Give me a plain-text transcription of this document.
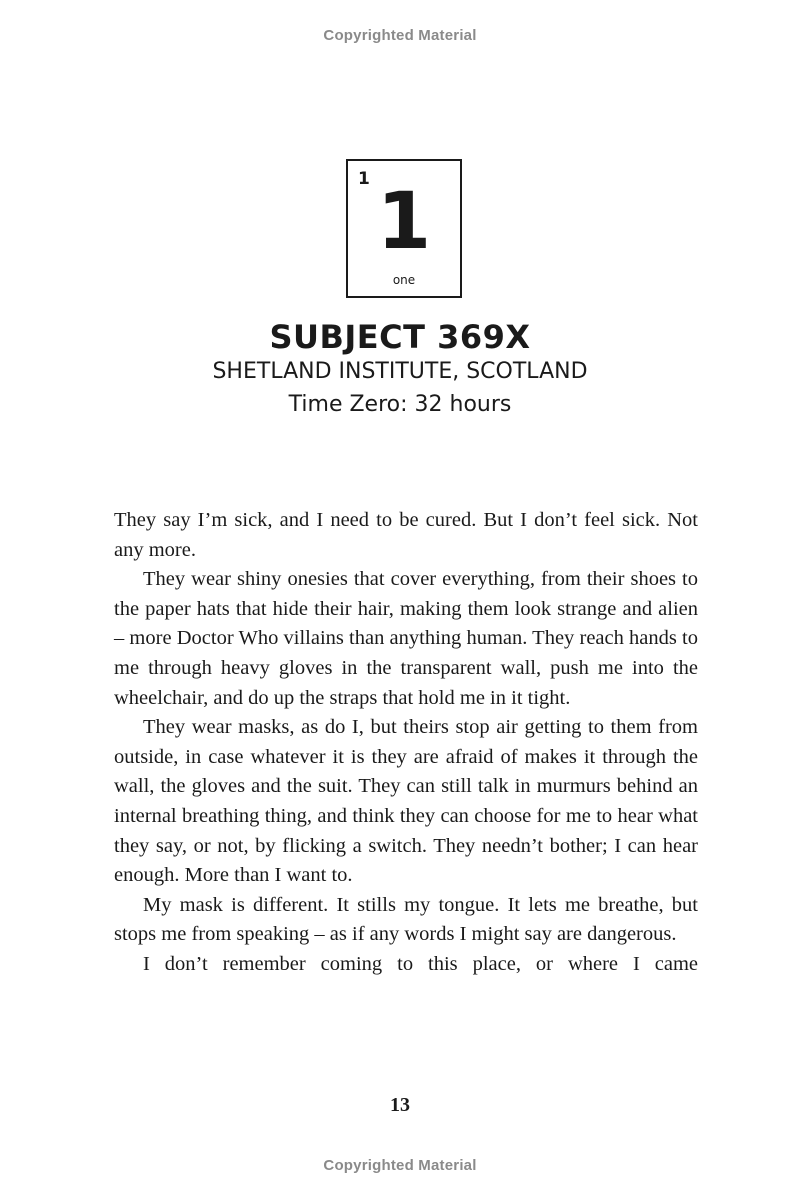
Copyrighted Material
1 1
one
SUBJECT 369X
SHETLAND INSTITUTE, SCOTLAND
Time Zero: 32 hours

They say I’m sick, and I need to be cured. But I don’t feel sick. Not any more.

They wear shiny onesies that cover everything, from their shoes to the paper hats that hide their hair, making them look strange and alien – more Doctor Who villains than anything human. They reach hands to me through heavy gloves in the transparent wall, push me into the wheelchair, and do up the straps that hold me in it tight.

They wear masks, as do I, but theirs stop air getting to them from outside, in case whatever it is they are afraid of makes it through the wall, the gloves and the suit. They can still talk in murmurs behind an internal breathing thing, and think they can choose for me to hear what they say, or not, by flicking a switch. They needn’t bother; I can hear enough. More than I want to.

My mask is different. It stills my tongue. It lets me breathe, but stops me from speaking – as if any words I might say are dangerous.

I don’t remember coming to this place, or where I came

13
Copyrighted Material
